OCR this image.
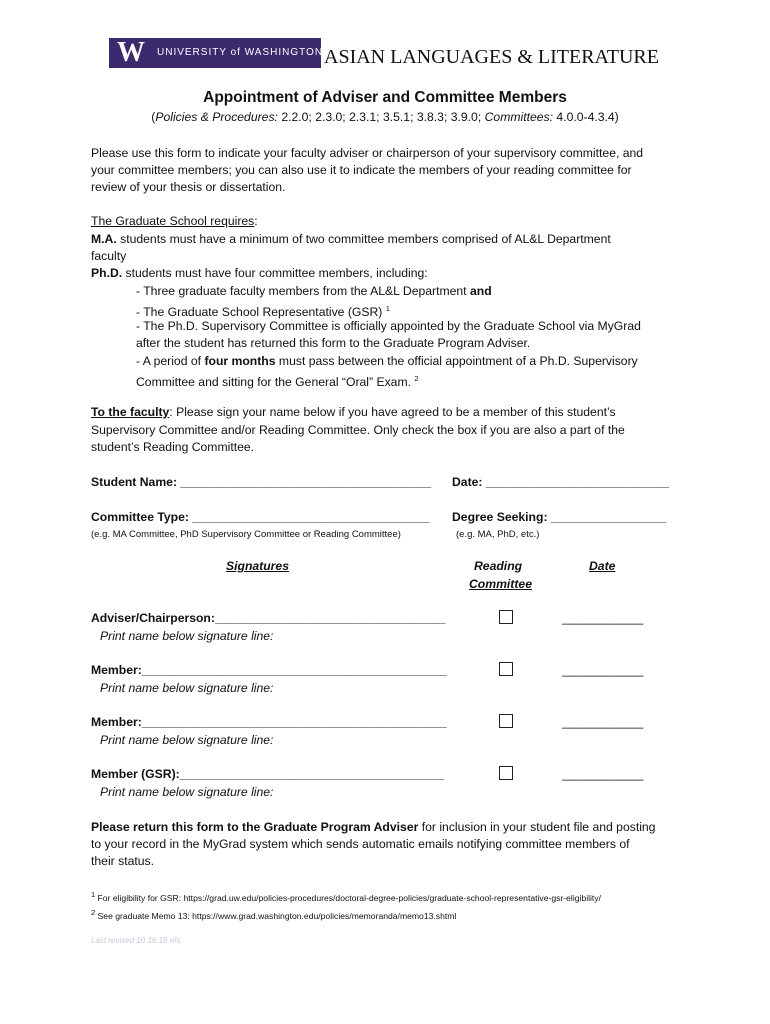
W UNIVERSITY of WASHINGTON ASIAN LANGUAGES & LITERATURE
Appointment of Adviser and Committee Members
(Policies & Procedures: 2.2.0; 2.3.0; 2.3.1; 3.5.1; 3.8.3; 3.9.0; Committees: 4.0.0-4.3.4)
Please use this form to indicate your faculty adviser or chairperson of your supervisory committee, and
your committee members; you can also use it to indicate the members of your reading committee for
review of your thesis or dissertation.
The Graduate School requires:
M.A. students must have a minimum of two committee members comprised of AL&L Department
faculty
Ph.D. students must have four committee members, including:
- Three graduate faculty members from the AL&L Department and
- The Graduate School Representative (GSR) $^1$
- The Ph.D. Supervisory Committee is officially appointed by the Graduate School via MyGrad
after the student has returned this form to the Graduate Program Adviser.
- A period of four months must pass between the official appointment of a Ph.D. Supervisory
Committee and sitting for the General “Oral” Exam. $^2$
To the faculty: Please sign your name below if you have agreed to be a member of this student’s
Supervisory Committee and/or Reading Committee. Only check the box if you are also a part of the
student’s Reading Committee.
Student Name: _____________________________________ Date: ___________________________
Committee Type: ___________________________________ Degree Seeking: _________________
(e.g. MA Committee, PhD Supervisory Committee or Reading Committee)	(e.g. MA, PhD, etc.)
Signatures	Reading
Committee
Date
Adviser/Chairperson:__________________________________
Print name below signature line:
____________
Member:_____________________________________________
Print name below signature line:
____________
Member:_____________________________________________
Print name below signature line:
____________
Member (GSR):_______________________________________
Print name below signature line:
____________
Please return this form to the Graduate Program Adviser for inclusion in your student file and posting
to your record in the MyGrad system which sends automatic emails notifying committee members of
their status.
$^1$ For eligibility for GSR: https://grad.uw.edu/policies-procedures/doctoral-degree-policies/graduate-school-representative-gsr-eligibility/
$^2$ See graduate Memo 13: https://www.grad.washington.edu/policies/memoranda/memo13.shtml
Last revised 10.16.18 efs
